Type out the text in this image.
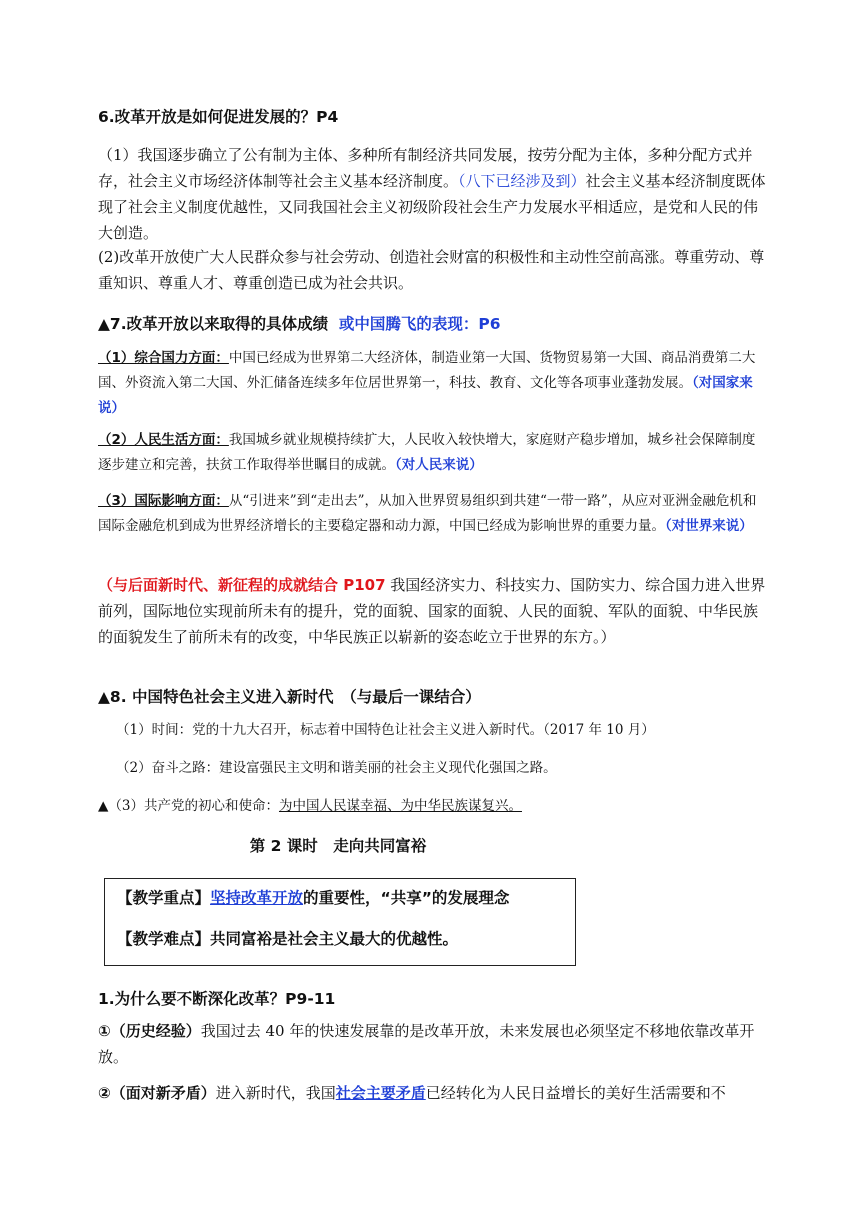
6.改革开放是如何促进发展的？P4

（1）我国逐步确立了公有制为主体、多种所有制经济共同发展，按劳分配为主体，多种分配方式并存，社会主义市场经济体制等社会主义基本经济制度。（八下已经涉及到）社会主义基本经济制度既体现了社会主义制度优越性，又同我国社会主义初级阶段社会生产力发展水平相适应，是党和人民的伟大创造。

(2)改革开放使广大人民群众参与社会劳动、创造社会财富的积极性和主动性空前高涨。尊重劳动、尊重知识、尊重人才、尊重创造已成为社会共识。

▲7.改革开放以来取得的具体成绩 或中国腾飞的表现：P6

（1）综合国力方面：中国已经成为世界第二大经济体，制造业第一大国、货物贸易第一大国、商品消费第二大国、外资流入第二大国、外汇储备连续多年位居世界第一，科技、教育、文化等各项事业蓬勃发展。（对国家来说）

（2）人民生活方面：我国城乡就业规模持续扩大，人民收入较快增大，家庭财产稳步增加，城乡社会保障制度逐步建立和完善，扶贫工作取得举世瞩目的成就。（对人民来说）

（3）国际影响方面：从“引进来”到“走出去”，从加入世界贸易组织到共建“一带一路”，从应对亚洲金融危机和国际金融危机到成为世界经济增长的主要稳定器和动力源，中国已经成为影响世界的重要力量。（对世界来说）

（与后面新时代、新征程的成就结合 P107 我国经济实力、科技实力、国防实力、综合国力进入世界前列，国际地位实现前所未有的提升，党的面貌、国家的面貌、人民的面貌、军队的面貌、中华民族的面貌发生了前所未有的改变，中华民族正以崭新的姿态屹立于世界的东方。）

▲8. 中国特色社会主义进入新时代　（与最后一课结合）

（1）时间：党的十九大召开，标志着中国特色让社会主义进入新时代。（2017 年 10 月）

（2）奋斗之路：建设富强民主文明和谐美丽的社会主义现代化强国之路。

▲（3）共产党的初心和使命：为中国人民谋幸福、为中华民族谋复兴。

第 2 课时　走向共同富裕
【教学重点】坚持改革开放的重要性，“共享”的发展理念
【教学难点】共同富裕是社会主义最大的优越性。
1.为什么要不断深化改革？P9-11

①（历史经验）我国过去 40 年的快速发展靠的是改革开放，未来发展也必须坚定不移地依靠改革开放。

②（面对新矛盾）进入新时代，我国社会主要矛盾已经转化为人民日益增长的美好生活需要和不
